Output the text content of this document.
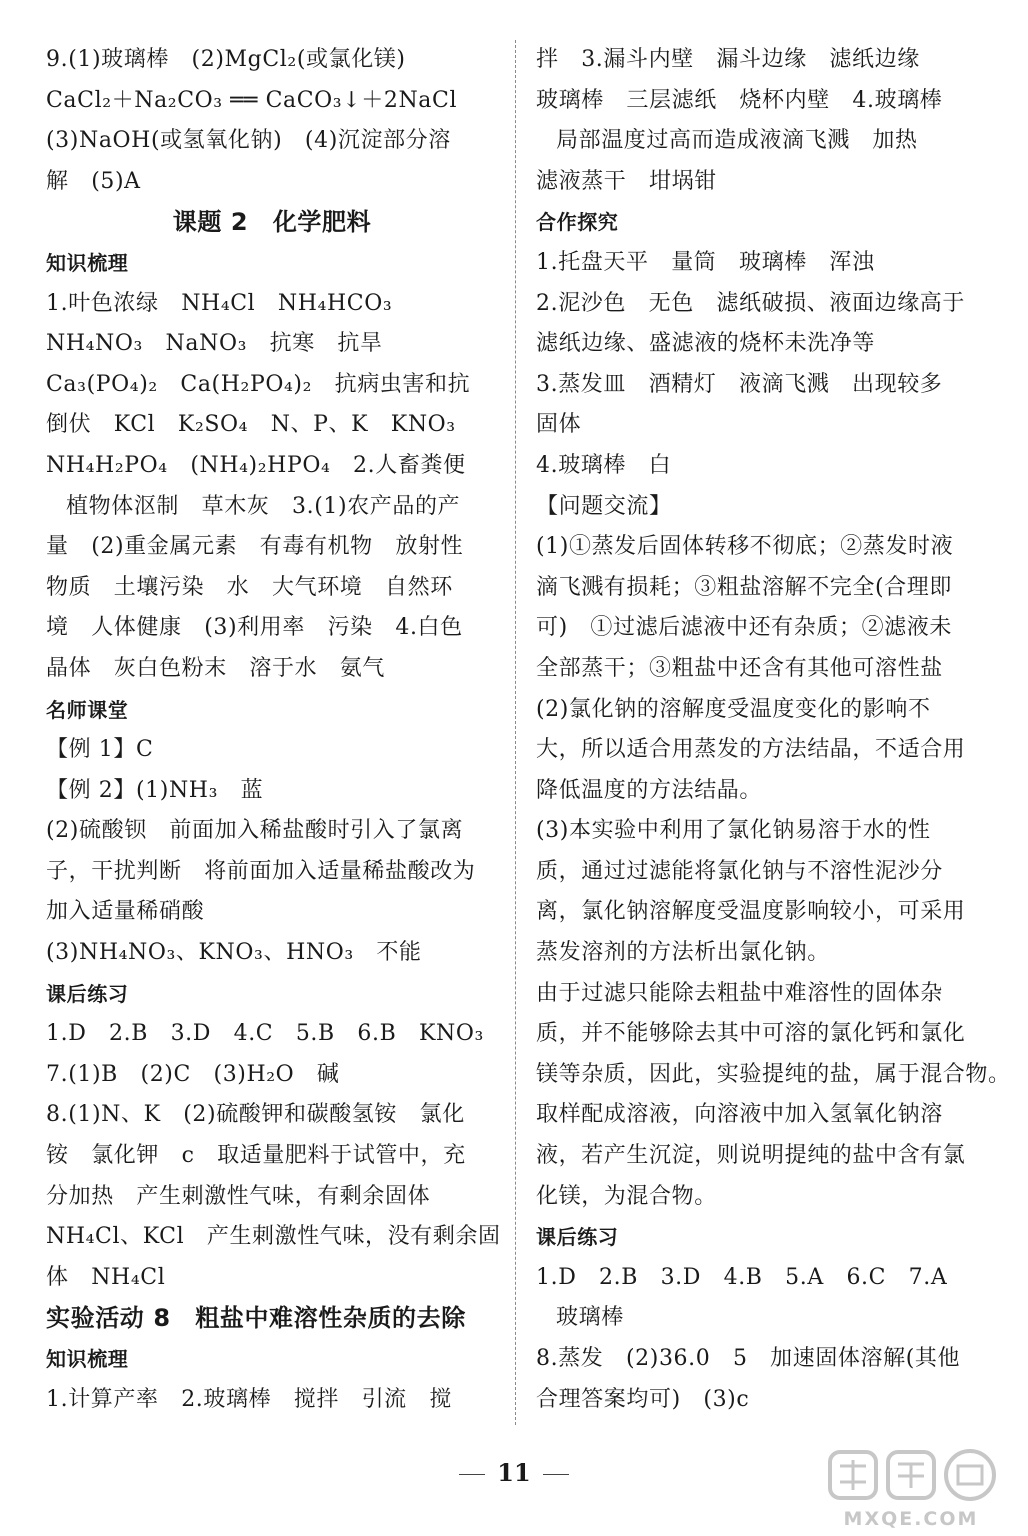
9.(1)玻璃棒　(2)MgCl₂(或氯化镁)
CaCl₂＋Na₂CO₃ ══ CaCO₃↓＋2NaCl
(3)NaOH(或氢氧化钠)　(4)沉淀部分溶
解　(5)A
课题 2　化学肥料
知识梳理
1.叶色浓绿　NH₄Cl　NH₄HCO₃
NH₄NO₃　NaNO₃　抗寒　抗旱
Ca₃(PO₄)₂　Ca(H₂PO₄)₂　抗病虫害和抗
倒伏　KCl　K₂SO₄　N、P、K　KNO₃
NH₄H₂PO₄　(NH₄)₂HPO₄　2.人畜粪便
植物体沤制　草木灰　3.(1)农产品的产
量　(2)重金属元素　有毒有机物　放射性
物质　土壤污染　水　大气环境　自然环
境　人体健康　(3)利用率　污染　4.白色
晶体　灰白色粉末　溶于水　氨气
名师课堂
【例 1】C
【例 2】(1)NH₃　蓝
(2)硫酸钡　前面加入稀盐酸时引入了氯离
子，干扰判断　将前面加入适量稀盐酸改为
加入适量稀硝酸
(3)NH₄NO₃、KNO₃、HNO₃　不能
课后练习
1.D　2.B　3.D　4.C　5.B　6.B　KNO₃
7.(1)B　(2)C　(3)H₂O　碱
8.(1)N、K　(2)硫酸钾和碳酸氢铵　氯化
铵　氯化钾　c　取适量肥料于试管中，充
分加热　产生刺激性气味，有剩余固体
NH₄Cl、KCl　产生刺激性气味，没有剩余固
体　NH₄Cl
实验活动 8　粗盐中难溶性杂质的去除
知识梳理
1.计算产率　2.玻璃棒　搅拌　引流　搅
拌　3.漏斗内壁　漏斗边缘　滤纸边缘
玻璃棒　三层滤纸　烧杯内壁　4.玻璃棒
局部温度过高而造成液滴飞溅　加热
滤液蒸干　坩埚钳
合作探究
1.托盘天平　量筒　玻璃棒　浑浊
2.泥沙色　无色　滤纸破损、液面边缘高于
滤纸边缘、盛滤液的烧杯未洗净等
3.蒸发皿　酒精灯　液滴飞溅　出现较多
固体
4.玻璃棒　白
【问题交流】
(1)①蒸发后固体转移不彻底；②蒸发时液
滴飞溅有损耗；③粗盐溶解不完全(合理即
可)　①过滤后滤液中还有杂质；②滤液未
全部蒸干；③粗盐中还含有其他可溶性盐
(2)氯化钠的溶解度受温度变化的影响不
大，所以适合用蒸发的方法结晶，不适合用
降低温度的方法结晶。
(3)本实验中利用了氯化钠易溶于水的性
质，通过过滤能将氯化钠与不溶性泥沙分
离，氯化钠溶解度受温度影响较小，可采用
蒸发溶剂的方法析出氯化钠。
由于过滤只能除去粗盐中难溶性的固体杂
质，并不能够除去其中可溶的氯化钙和氯化
镁等杂质，因此，实验提纯的盐，属于混合物。
取样配成溶液，向溶液中加入氢氧化钠溶
液，若产生沉淀，则说明提纯的盐中含有氯
化镁，为混合物。
课后练习
1.D　2.B　3.D　4.B　5.A　6.C　7.A
玻璃棒
8.蒸发　(2)36.0　5　加速固体溶解(其他
合理答案均可)　(3)c
11
MXQE.COM
